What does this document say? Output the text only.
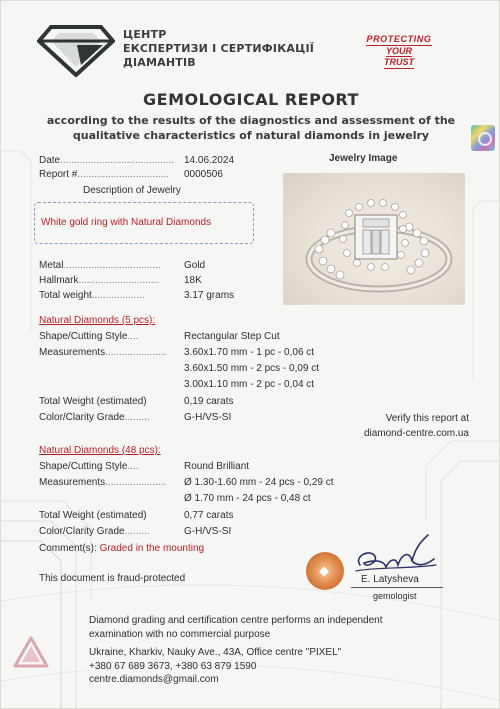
ЦЕНТР
ЕКСПЕРТИЗИ І СЕРТИФІКАЦІЇ
ДІАМАНТІВ
PROTECTING
YOUR
TRUST
GEMOLOGICAL REPORT
according to the results of the diagnostics and assessment of the
qualitative characteristics of natural diamonds in jewelry
Date......................................... 14.06.2024
Report #................................. 0000506
Description of Jewelry
White gold ring with Natural Diamonds
Jewelry Image
Metal................................... Gold
Hallmark............................. 18K
Total weight...................	3.17 grams
Natural Diamonds (5 pcs):
Shape/Cutting Style....	Rectangular Step Cut
Measurements...................... 3.60x1.70 mm - 1 pc - 0,06 ct
3.60x1.50 mm - 2 pcs - 0,09 ct
3.00x1.10 mm - 2 pc - 0,04 ct
Total Weight (estimated)	0,19 carats
Color/Clarity Grade.........	G-H/VS-SI	Verify this report at
diamond-centre.com.ua
Natural Diamonds (48 pcs):
Shape/Cutting Style....	Round Brilliant
Measurements...................... Ø 1.30-1.60 mm - 24 pcs - 0,29 ct
Ø 1.70 mm - 24 pcs - 0,48 ct
Total Weight (estimated)	0,77 carats
Color/Clarity Grade.........	G-H/VS-SI
Comment(s): Graded in the mounting
This document is fraud-protected
◆	E. Latysheva
gemologist
Diamond grading and certification centre performs an independent
examination with no commercial purpose
Ukraine, Kharkiv, Nauky Ave., 43A, Office centre "PIXEL"
+380 67 689 3673, +380 63 879 1590
centre.diamonds@gmail.com
